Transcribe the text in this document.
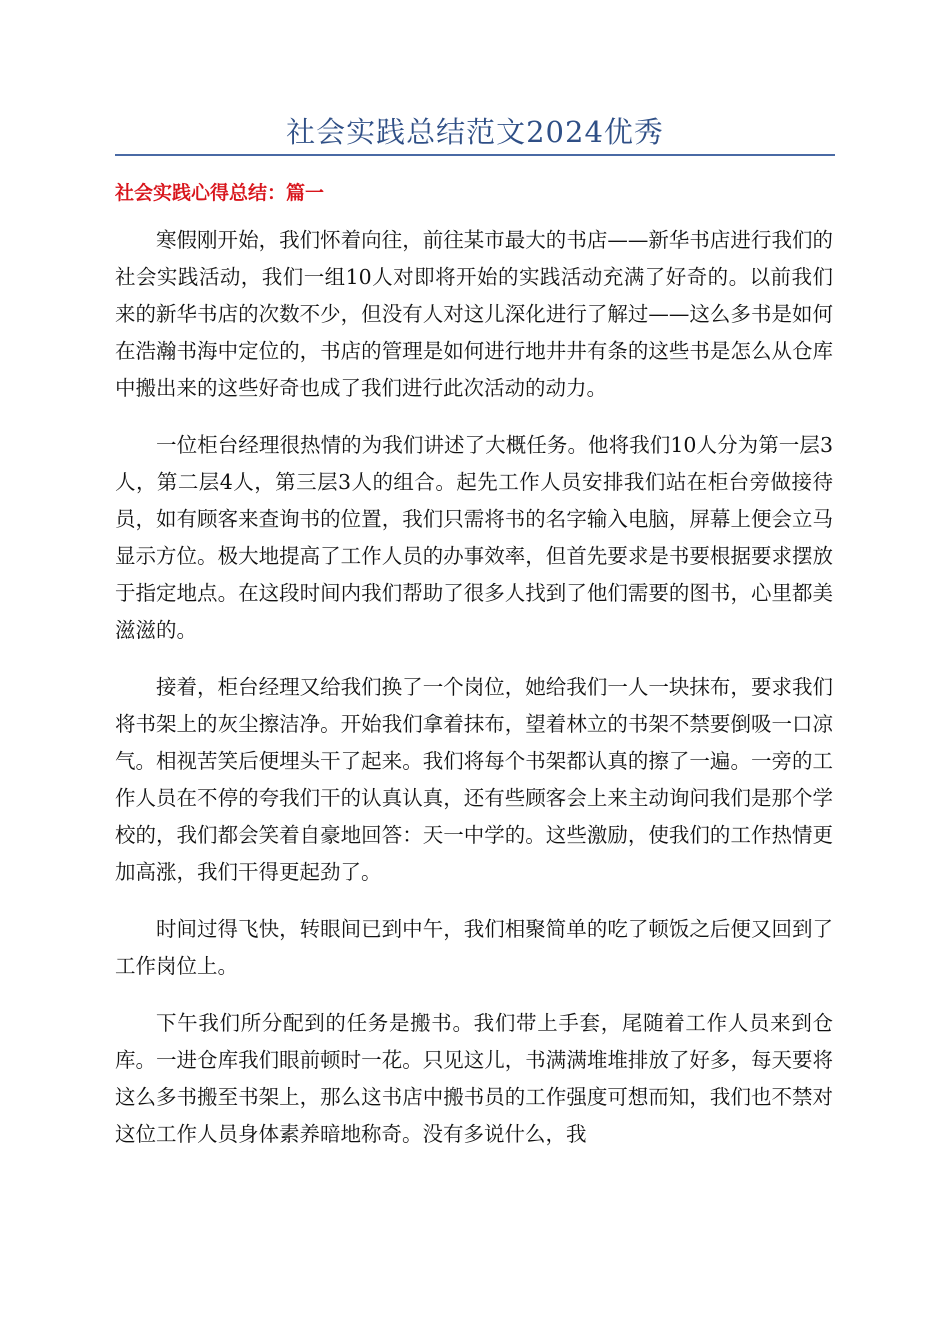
社会实践总结范文2024优秀
社会实践心得总结：篇一

寒假刚开始，我们怀着向往，前往某市最大的书店——新华书店进行我们的社会实践活动，我们一组10人对即将开始的实践活动充满了好奇的。以前我们来的新华书店的次数不少，但没有人对这儿深化进行了解过——这么多书是如何在浩瀚书海中定位的，书店的管理是如何进行地井井有条的这些书是怎么从仓库中搬出来的这些好奇也成了我们进行此次活动的动力。

一位柜台经理很热情的为我们讲述了大概任务。他将我们10人分为第一层3人，第二层4人，第三层3人的组合。起先工作人员安排我们站在柜台旁做接待员，如有顾客来查询书的位置，我们只需将书的名字输入电脑，屏幕上便会立马显示方位。极大地提高了工作人员的办事效率，但首先要求是书要根据要求摆放于指定地点。在这段时间内我们帮助了很多人找到了他们需要的图书，心里都美滋滋的。

接着，柜台经理又给我们换了一个岗位，她给我们一人一块抹布，要求我们将书架上的灰尘擦洁净。开始我们拿着抹布，望着林立的书架不禁要倒吸一口凉气。相视苦笑后便埋头干了起来。我们将每个书架都认真的擦了一遍。一旁的工作人员在不停的夸我们干的认真认真，还有些顾客会上来主动询问我们是那个学校的，我们都会笑着自豪地回答：天一中学的。这些激励，使我们的工作热情更加高涨，我们干得更起劲了。

时间过得飞快，转眼间已到中午，我们相聚简单的吃了顿饭之后便又回到了工作岗位上。

下午我们所分配到的任务是搬书。我们带上手套，尾随着工作人员来到仓库。一进仓库我们眼前顿时一花。只见这儿，书满满堆堆排放了好多，每天要将这么多书搬至书架上，那么这书店中搬书员的工作强度可想而知，我们也不禁对这位工作人员身体素养暗地称奇。没有多说什么，我
